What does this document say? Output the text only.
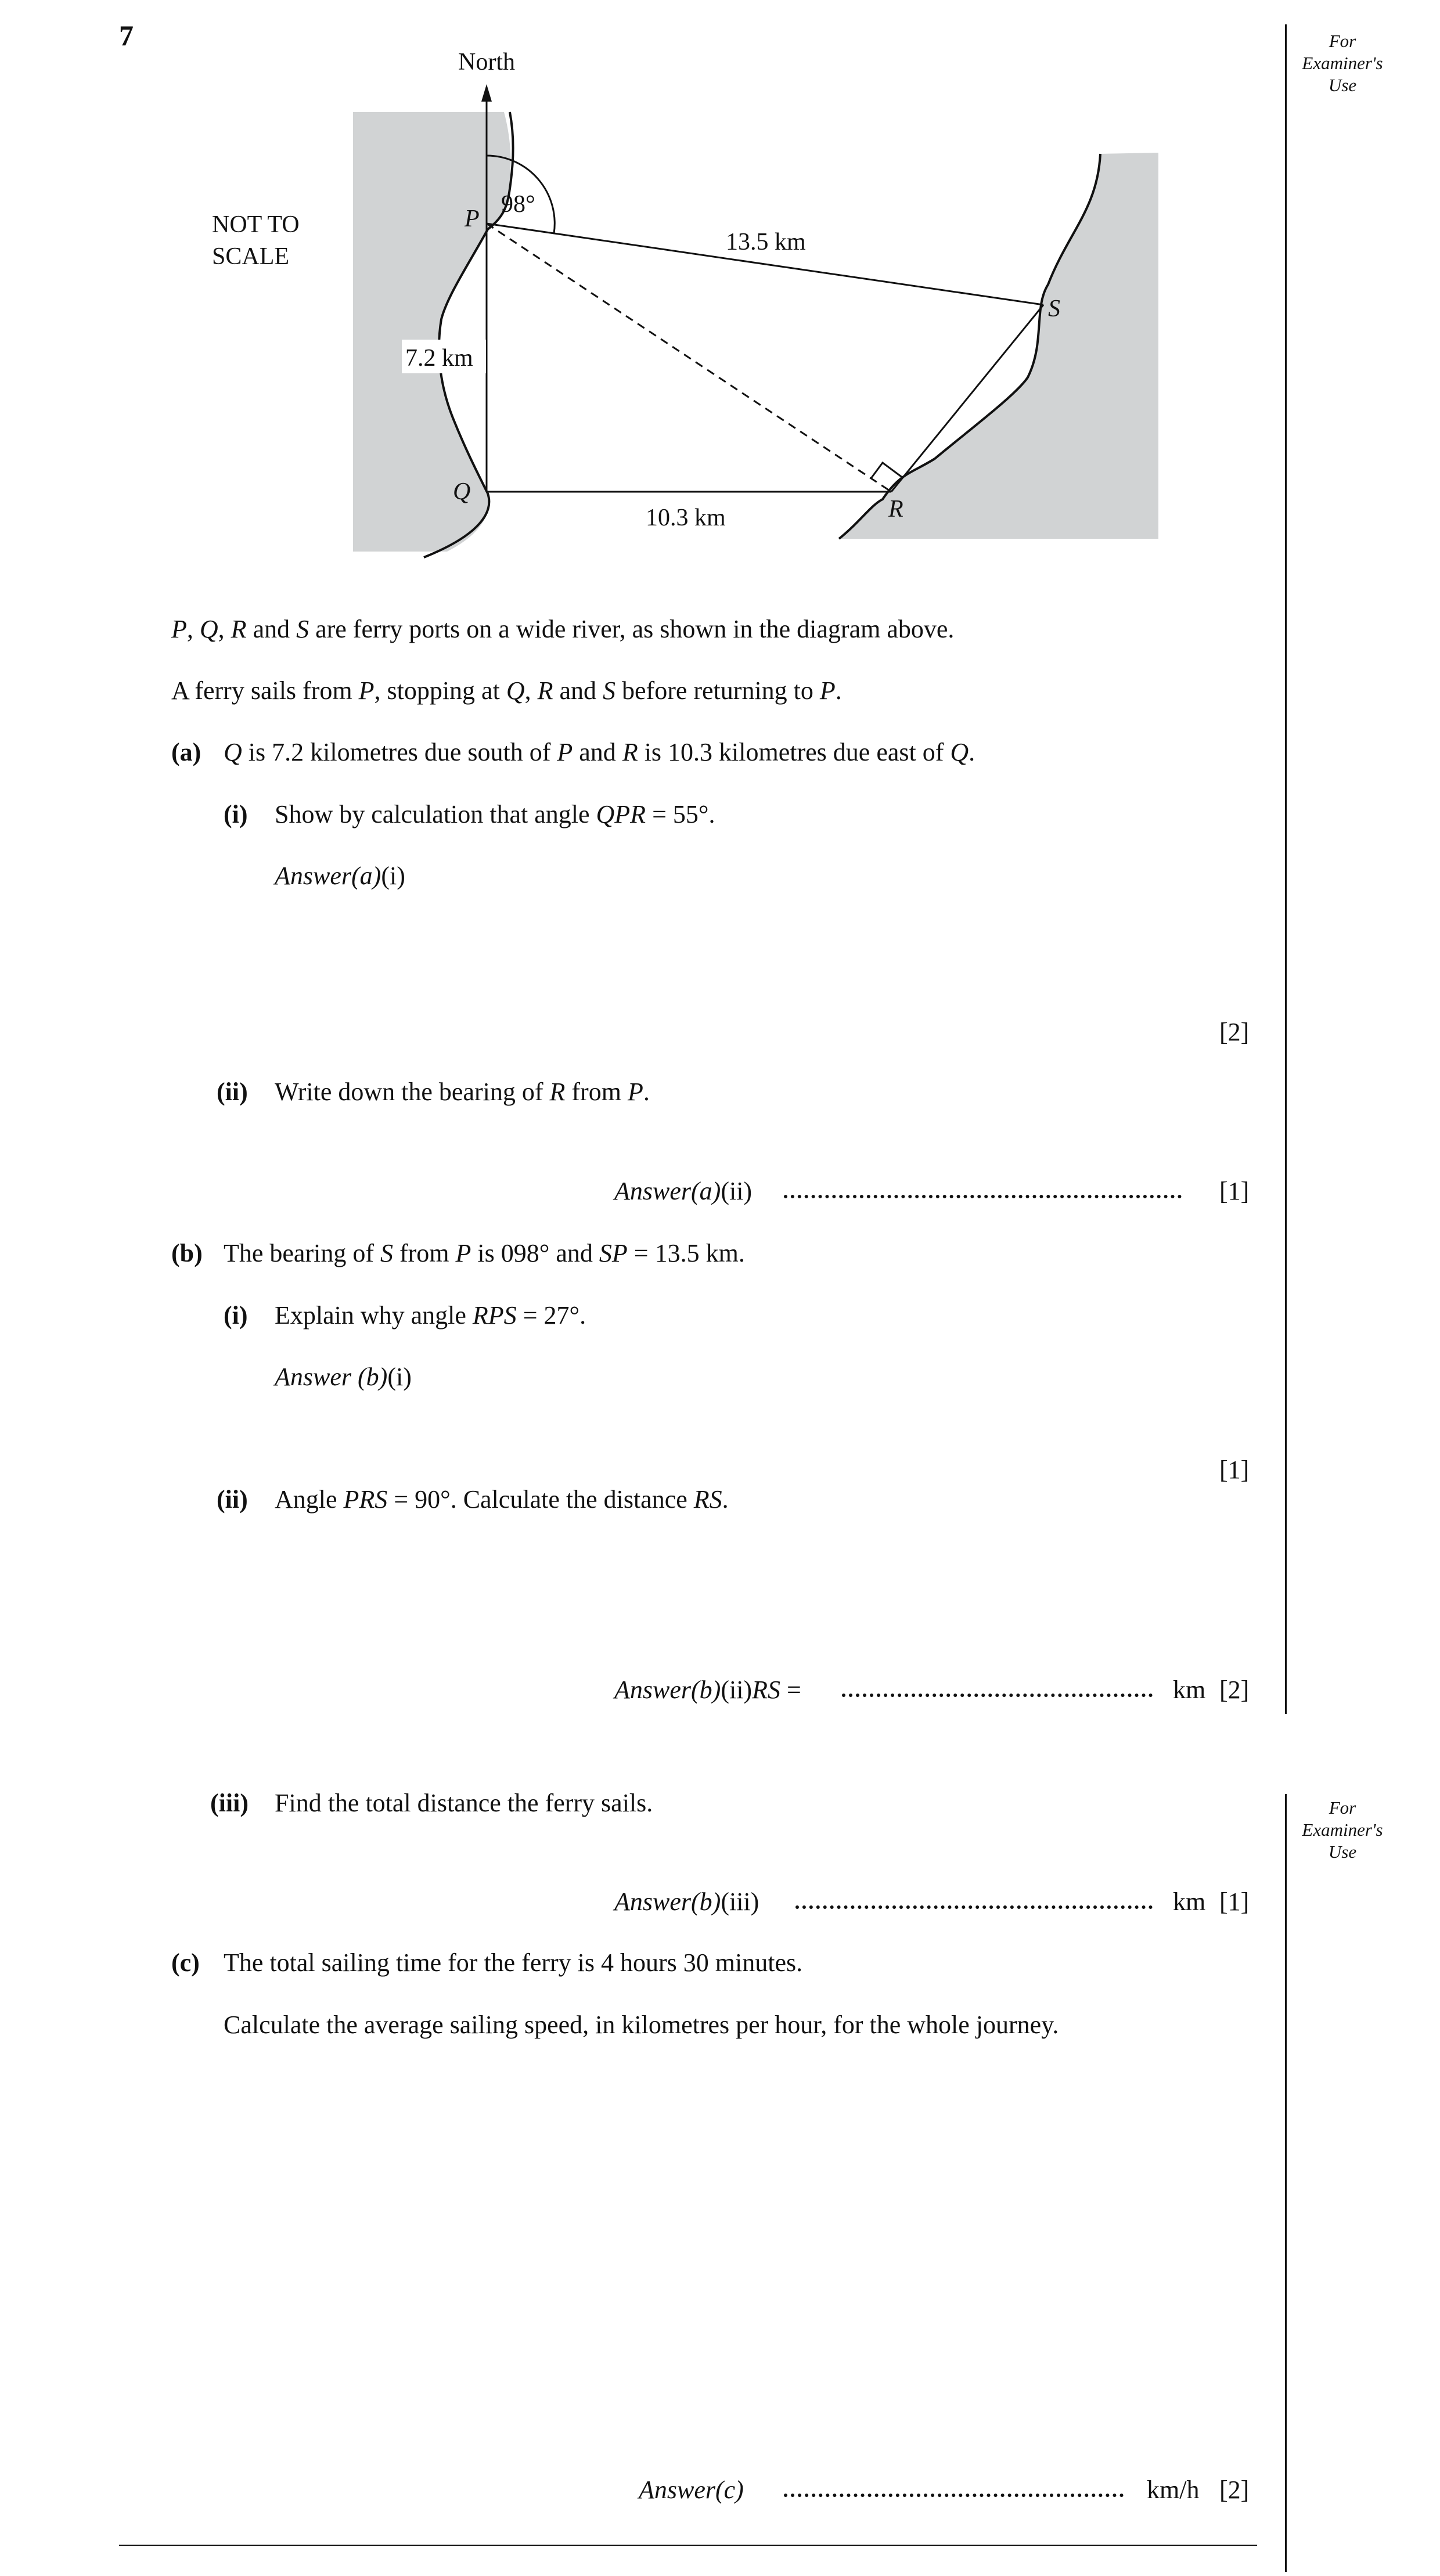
7	For Examiner's Use
For Examiner's Use
North
NOT TO
SCALE
98°
P
Q
R
S
13.5 km
7.2 km
10.3 km
P, Q, R and S are ferry ports on a wide river, as shown in the diagram above.
A ferry sails from P, stopping at Q, R and S before returning to P.
(a) Q is 7.2 kilometres due south of P and R is 10.3 kilometres due east of Q.
(i) Show by calculation that angle QPR = 55°.
Answer(a)(i)
[2]
(ii) Write down the bearing of R from P.
Answer(a)(ii)	[1]
(b) The bearing of S from P is 098° and SP = 13.5 km.
(i) Explain why angle RPS = 27°.
Answer (b)(i)
[1]
(ii) Angle PRS = 90°. Calculate the distance RS.
Answer(b)(ii)RS =	km [2]
(iii) Find the total distance the ferry sails.
Answer(b)(iii)	km [1]
(c) The total sailing time for the ferry is 4 hours 30 minutes.
Calculate the average sailing speed, in kilometres per hour, for the whole journey.
Answer(c)	km/h [2]
